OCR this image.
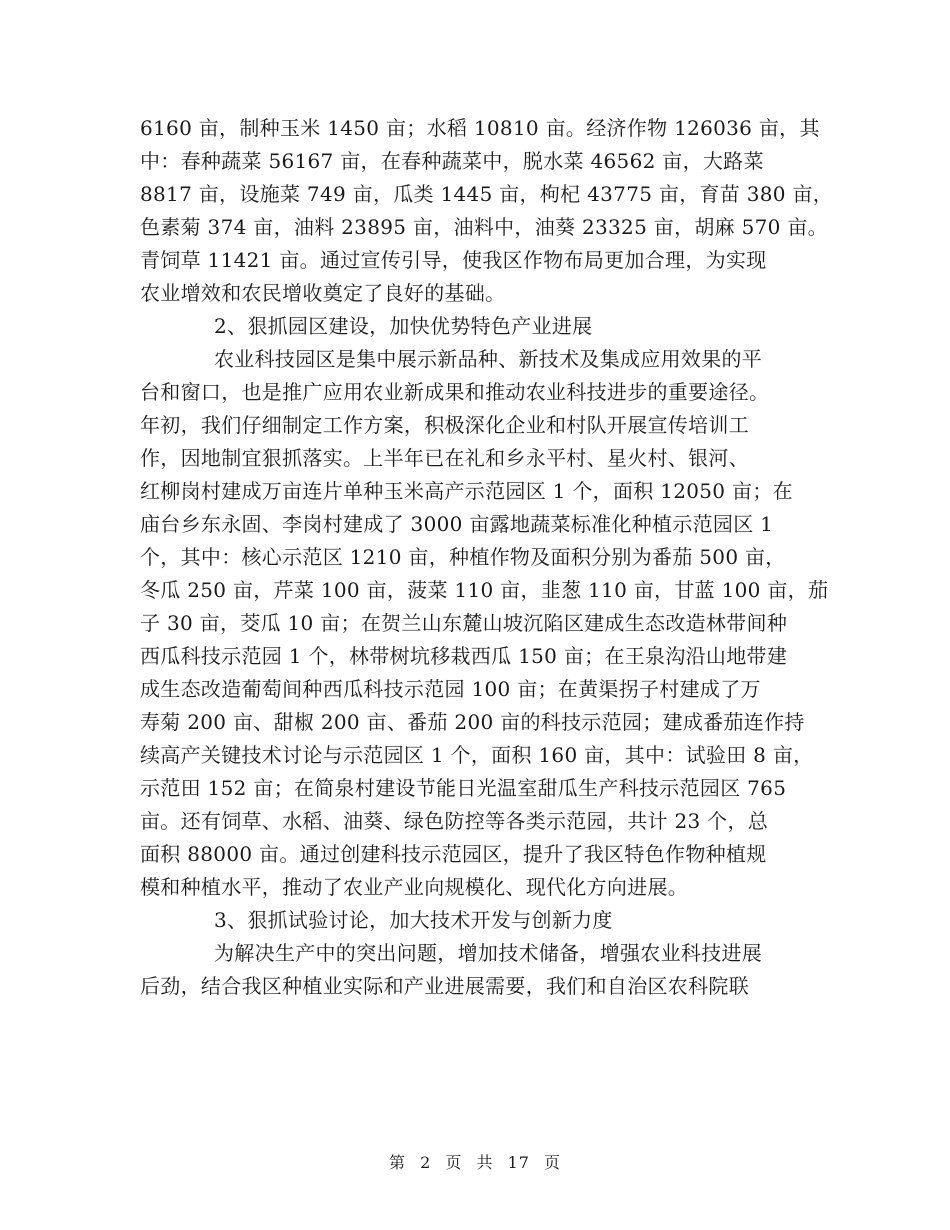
6160 亩，制种玉米 1450 亩；水稻 10810 亩。经济作物 126036 亩，其
中：春种蔬菜 56167 亩，在春种蔬菜中，脱水菜 46562 亩，大路菜
8817 亩，设施菜 749 亩，瓜类 1445 亩，枸杞 43775 亩，育苗 380 亩，
色素菊 374 亩，油料 23895 亩，油料中，油葵 23325 亩，胡麻 570 亩。
青饲草 11421 亩。通过宣传引导，使我区作物布局更加合理，为实现
农业增效和农民增收奠定了良好的基础。
2、狠抓园区建设，加快优势特色产业进展
农业科技园区是集中展示新品种、新技术及集成应用效果的平
台和窗口，也是推广应用农业新成果和推动农业科技进步的重要途径。
年初，我们仔细制定工作方案，积极深化企业和村队开展宣传培训工
作，因地制宜狠抓落实。上半年已在礼和乡永平村、星火村、银河、
红柳岗村建成万亩连片单种玉米高产示范园区 1 个，面积 12050 亩；在
庙台乡东永固、李岗村建成了 3000 亩露地蔬菜标准化种植示范园区 1
个，其中：核心示范区 1210 亩，种植作物及面积分别为番茄 500 亩，
冬瓜 250 亩，芹菜 100 亩，菠菜 110 亩，韭葱 110 亩，甘蓝 100 亩，茄
子 30 亩，茭瓜 10 亩；在贺兰山东麓山坡沉陷区建成生态改造林带间种
西瓜科技示范园 1 个，林带树坑移栽西瓜 150 亩；在王泉沟沿山地带建
成生态改造葡萄间种西瓜科技示范园 100 亩；在黄渠拐子村建成了万
寿菊 200 亩、甜椒 200 亩、番茄 200 亩的科技示范园；建成番茄连作持
续高产关键技术讨论与示范园区 1 个，面积 160 亩，其中：试验田 8 亩，
示范田 152 亩；在简泉村建设节能日光温室甜瓜生产科技示范园区 765
亩。还有饲草、水稻、油葵、绿色防控等各类示范园，共计 23 个，总
面积 88000 亩。通过创建科技示范园区，提升了我区特色作物种植规
模和种植水平，推动了农业产业向规模化、现代化方向进展。
3、狠抓试验讨论，加大技术开发与创新力度
为解决生产中的突出问题，增加技术储备，增强农业科技进展
后劲，结合我区种植业实际和产业进展需要，我们和自治区农科院联
第 2 页 共 17 页
